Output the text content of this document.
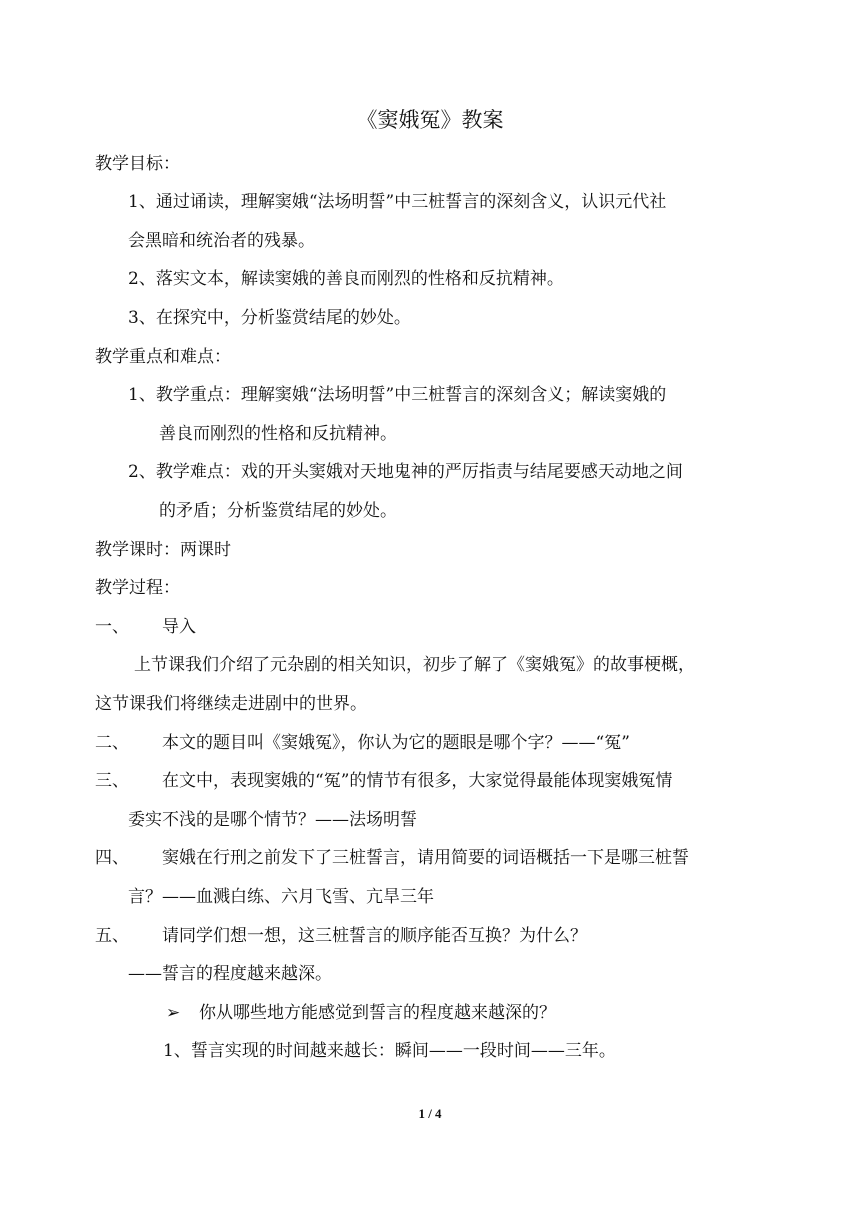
《窦娥冤》教案
教学目标：
1、通过诵读，理解窦娥“法场明誓”中三桩誓言的深刻含义，认识元代社
会黑暗和统治者的残暴。
2、落实文本，解读窦娥的善良而刚烈的性格和反抗精神。
3、在探究中，分析鉴赏结尾的妙处。
教学重点和难点：
1、教学重点：理解窦娥“法场明誓”中三桩誓言的深刻含义；解读窦娥的
善良而刚烈的性格和反抗精神。
2、教学难点：戏的开头窦娥对天地鬼神的严厉指责与结尾要感天动地之间
的矛盾；分析鉴赏结尾的妙处。
教学课时：两课时
教学过程：
一、 导入
上节课我们介绍了元杂剧的相关知识，初步了解了《窦娥冤》的故事梗概，
这节课我们将继续走进剧中的世界。
二、 本文的题目叫《窦娥冤》，你认为它的题眼是哪个字？——“冤”
三、 在文中，表现窦娥的“冤”的情节有很多，大家觉得最能体现窦娥冤情
委实不浅的是哪个情节？——法场明誓
四、 窦娥在行刑之前发下了三桩誓言，请用简要的词语概括一下是哪三桩誓
言？——血溅白练、六月飞雪、亢旱三年
五、 请同学们想一想，这三桩誓言的顺序能否互换？为什么？
——誓言的程度越来越深。
➢ 你从哪些地方能感觉到誓言的程度越来越深的？
1、誓言实现的时间越来越长：瞬间——一段时间——三年。
1 / 4
